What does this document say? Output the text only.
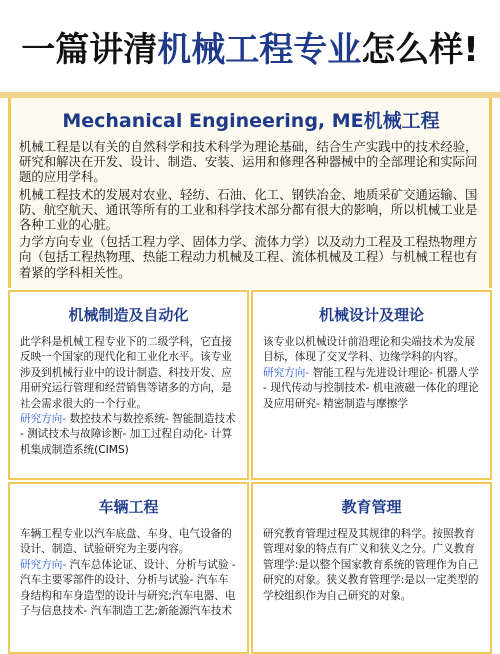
一篇讲清机械工程专业怎么样!
Mechanical Engineering, ME机械工程

机械工程是以有关的自然科学和技术科学为理论基础，结合生产实践中的技术经验，研究和解决在开发、设计、制造、安装、运用和修理各种器械中的全部理论和实际问题的应用学科。

机械工程技术的发展对农业、轻纺、石油、化工、钢铁冶金、地质采矿交通运输、国防、航空航天、通讯等所有的工业和科学技术部分都有很大的影响，所以机械工业是各种工业的心脏。

力学方向专业（包括工程力学、固体力学、流体力学）以及动力工程及工程热物理方向（包括工程热物理、热能工程动力机械及工程、流体机械及工程）与机械工程也有着紧的学科相关性。

机械制造及自动化
此学科是机械工程专业下的二级学科，它直接反映一个国家的现代化和工业化水平。该专业涉及到机械行业中的设计制造、科技开发、应用研究运行管理和经营销售等诸多的方向，是社会需求很大的一个行业。
研究方向- 数控技术与数控系统- 智能制造技术 - 测试技术与故障诊断- 加工过程自动化- 计算机集成制造系统(CIMS)
机械设计及理论
该专业以机械设计前沿理论和尖端技术为发展目标，体现了交叉学科、边缘学科的内容。
研究方向- 智能工程与先进设计理论- 机器人学 - 现代传动与控制技术- 机电液磁一体化的理论及应用研究- 精密制造与摩擦学
车辆工程
车辆工程专业以汽车底盘、车身、电气设备的设计、制造、试验研究为主要内容。
研究方向- 汽车总体论证、设计、分析与试验 - 汽车主要零部件的设计、分析与试验- 汽车车身结构和车身造型的设计与研究;汽车电器、电子与信息技术- 汽车制造工艺;新能源汽车技术
教育管理
研究教育管理过程及其规律的科学。按照教育管理对象的特点有广义和狭义之分。广义教育管理学:是以整个国家教育系统的管理作为自己研究的对象。狭义教育管理学:是以一定类型的学校组织作为自己研究的对象。
